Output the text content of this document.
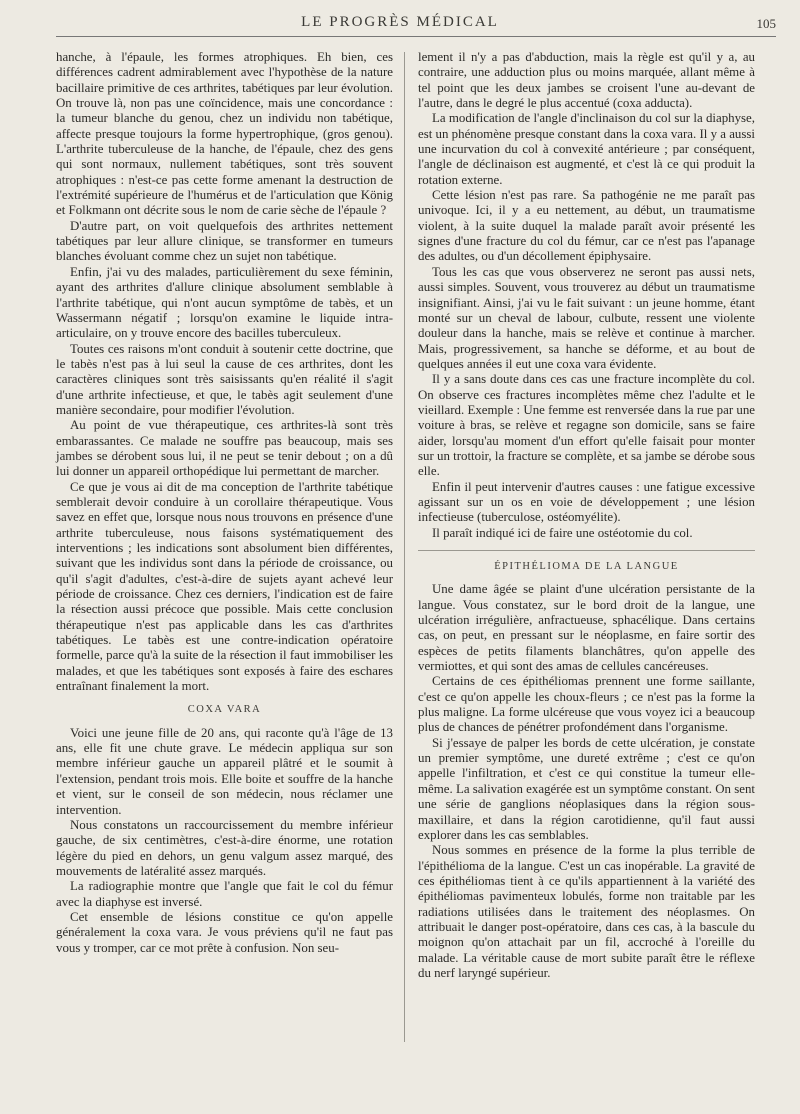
LE PROGRÈS MÉDICAL	105

hanche, à l'épaule, les formes atrophiques. Eh bien, ces différences cadrent admirablement avec l'hypothèse de la nature bacillaire primitive de ces arthrites, tabétiques par leur évolution. On trouve là, non pas une coïncidence, mais une concordance : la tumeur blanche du genou, chez un individu non tabétique, affecte presque toujours la forme hypertrophique, (gros genou). L'arthrite tuberculeuse de la hanche, de l'épaule, chez des gens qui sont normaux, nullement tabétiques, sont très souvent atrophiques : n'est-ce pas cette forme amenant la destruction de l'extrémité supérieure de l'humérus et de l'articulation que König et Folkmann ont décrite sous le nom de carie sèche de l'épaule ?

D'autre part, on voit quelquefois des arthrites nettement tabétiques par leur allure clinique, se transformer en tumeurs blanches évoluant comme chez un sujet non tabétique.

Enfin, j'ai vu des malades, particulièrement du sexe féminin, ayant des arthrites d'allure clinique absolument semblable à l'arthrite tabétique, qui n'ont aucun symptôme de tabès, et un Wassermann négatif ; lorsqu'on examine le liquide intra-articulaire, on y trouve encore des bacilles tuberculeux.

Toutes ces raisons m'ont conduit à soutenir cette doctrine, que le tabès n'est pas à lui seul la cause de ces arthrites, dont les caractères cliniques sont très saisissants qu'en réalité il s'agit d'une arthrite infectieuse, et que, le tabès agit seulement d'une manière secondaire, pour modifier l'évolution.

Au point de vue thérapeutique, ces arthrites-là sont très embarassantes. Ce malade ne souffre pas beaucoup, mais ses jambes se dérobent sous lui, il ne peut se tenir debout ; on a dû lui donner un appareil orthopédique lui permettant de marcher.

Ce que je vous ai dit de ma conception de l'arthrite tabétique semblerait devoir conduire à un corollaire thérapeutique. Vous savez en effet que, lorsque nous nous trouvons en présence d'une arthrite tuberculeuse, nous faisons systématiquement des interventions ; les indications sont absolument bien différentes, suivant que les individus sont dans la période de croissance, ou qu'il s'agit d'adultes, c'est-à-dire de sujets ayant achevé leur période de croissance. Chez ces derniers, l'indication est de faire la résection aussi précoce que possible. Mais cette conclusion thérapeutique n'est pas applicable dans les cas d'arthrites tabétiques. Le tabès est une contre-indication opératoire formelle, parce qu'à la suite de la résection il faut immobiliser les malades, et que les tabétiques sont exposés à faire des eschares entraînant finalement la mort.

COXA VARA

Voici une jeune fille de 20 ans, qui raconte qu'à l'âge de 13 ans, elle fit une chute grave. Le médecin appliqua sur son membre inférieur gauche un appareil plâtré et le soumit à l'extension, pendant trois mois. Elle boite et souffre de la hanche et vient, sur le conseil de son médecin, nous réclamer une intervention.

Nous constatons un raccourcissement du membre inférieur gauche, de six centimètres, c'est-à-dire énorme, une rotation légère du pied en dehors, un genu valgum assez marqué, des mouvements de latéralité assez marqués.

La radiographie montre que l'angle que fait le col du fémur avec la diaphyse est inversé.

Cet ensemble de lésions constitue ce qu'on appelle généralement la coxa vara. Je vous préviens qu'il ne faut pas vous y tromper, car ce mot prête à confusion. Non seu-

lement il n'y a pas d'abduction, mais la règle est qu'il y a, au contraire, une adduction plus ou moins marquée, allant même à tel point que les deux jambes se croisent l'une au-devant de l'autre, dans le degré le plus accentué (coxa adducta).

La modification de l'angle d'inclinaison du col sur la diaphyse, est un phénomène presque constant dans la coxa vara. Il y a aussi une incurvation du col à convexité antérieure ; par conséquent, l'angle de déclinaison est augmenté, et c'est là ce qui produit la rotation externe.

Cette lésion n'est pas rare. Sa pathogénie ne me paraît pas univoque. Ici, il y a eu nettement, au début, un traumatisme violent, à la suite duquel la malade paraît avoir présenté les signes d'une fracture du col du fémur, car ce n'est pas l'apanage des adultes, ou d'un décollement épiphysaire.

Tous les cas que vous observerez ne seront pas aussi nets, aussi simples. Souvent, vous trouverez au début un traumatisme insignifiant. Ainsi, j'ai vu le fait suivant : un jeune homme, étant monté sur un cheval de labour, culbute, ressent une violente douleur dans la hanche, mais se relève et continue à marcher. Mais, progressivement, sa hanche se déforme, et au bout de quelques années il eut une coxa vara évidente.

Il y a sans doute dans ces cas une fracture incomplète du col. On observe ces fractures incomplètes même chez l'adulte et le vieillard. Exemple : Une femme est renversée dans la rue par une voiture à bras, se relève et regagne son domicile, sans se faire aider, lorsqu'au moment d'un effort qu'elle faisait pour monter sur un trottoir, la fracture se complète, et sa jambe se dérobe sous elle.

Enfin il peut intervenir d'autres causes : une fatigue excessive agissant sur un os en voie de développement ; une lésion infectieuse (tuberculose, ostéomyélite).

Il paraît indiqué ici de faire une ostéotomie du col.

ÉPITHÉLIOMA DE LA LANGUE

Une dame âgée se plaint d'une ulcération persistante de la langue. Vous constatez, sur le bord droit de la langue, une ulcération irrégulière, anfractueuse, sphacélique. Dans certains cas, on peut, en pressant sur le néoplasme, en faire sortir des espèces de petits filaments blanchâtres, qu'on appelle des vermiottes, et qui sont des amas de cellules cancéreuses.

Certains de ces épithéliomas prennent une forme saillante, c'est ce qu'on appelle les choux-fleurs ; ce n'est pas la forme la plus maligne. La forme ulcéreuse que vous voyez ici a beaucoup plus de chances de pénétrer profondément dans l'organisme.

Si j'essaye de palper les bords de cette ulcération, je constate un premier symptôme, une dureté extrême ; c'est ce qu'on appelle l'infiltration, et c'est ce qui constitue la tumeur elle-même. La salivation exagérée est un symptôme constant. On sent une série de ganglions néoplasiques dans la région sous-maxillaire, et dans la région carotidienne, qu'il faut aussi explorer dans les cas semblables.

Nous sommes en présence de la forme la plus terrible de l'épithélioma de la langue. C'est un cas inopérable. La gravité de ces épithéliomas tient à ce qu'ils appartiennent à la variété des épithéliomas pavimenteux lobulés, forme non traitable par les radiations utilisées dans le traitement des néoplasmes. On attribuait le danger post-opératoire, dans ces cas, à la bascule du moignon qu'on attachait par un fil, accroché à l'oreille du malade. La véritable cause de mort subite paraît être le réflexe du nerf laryngé supérieur.
